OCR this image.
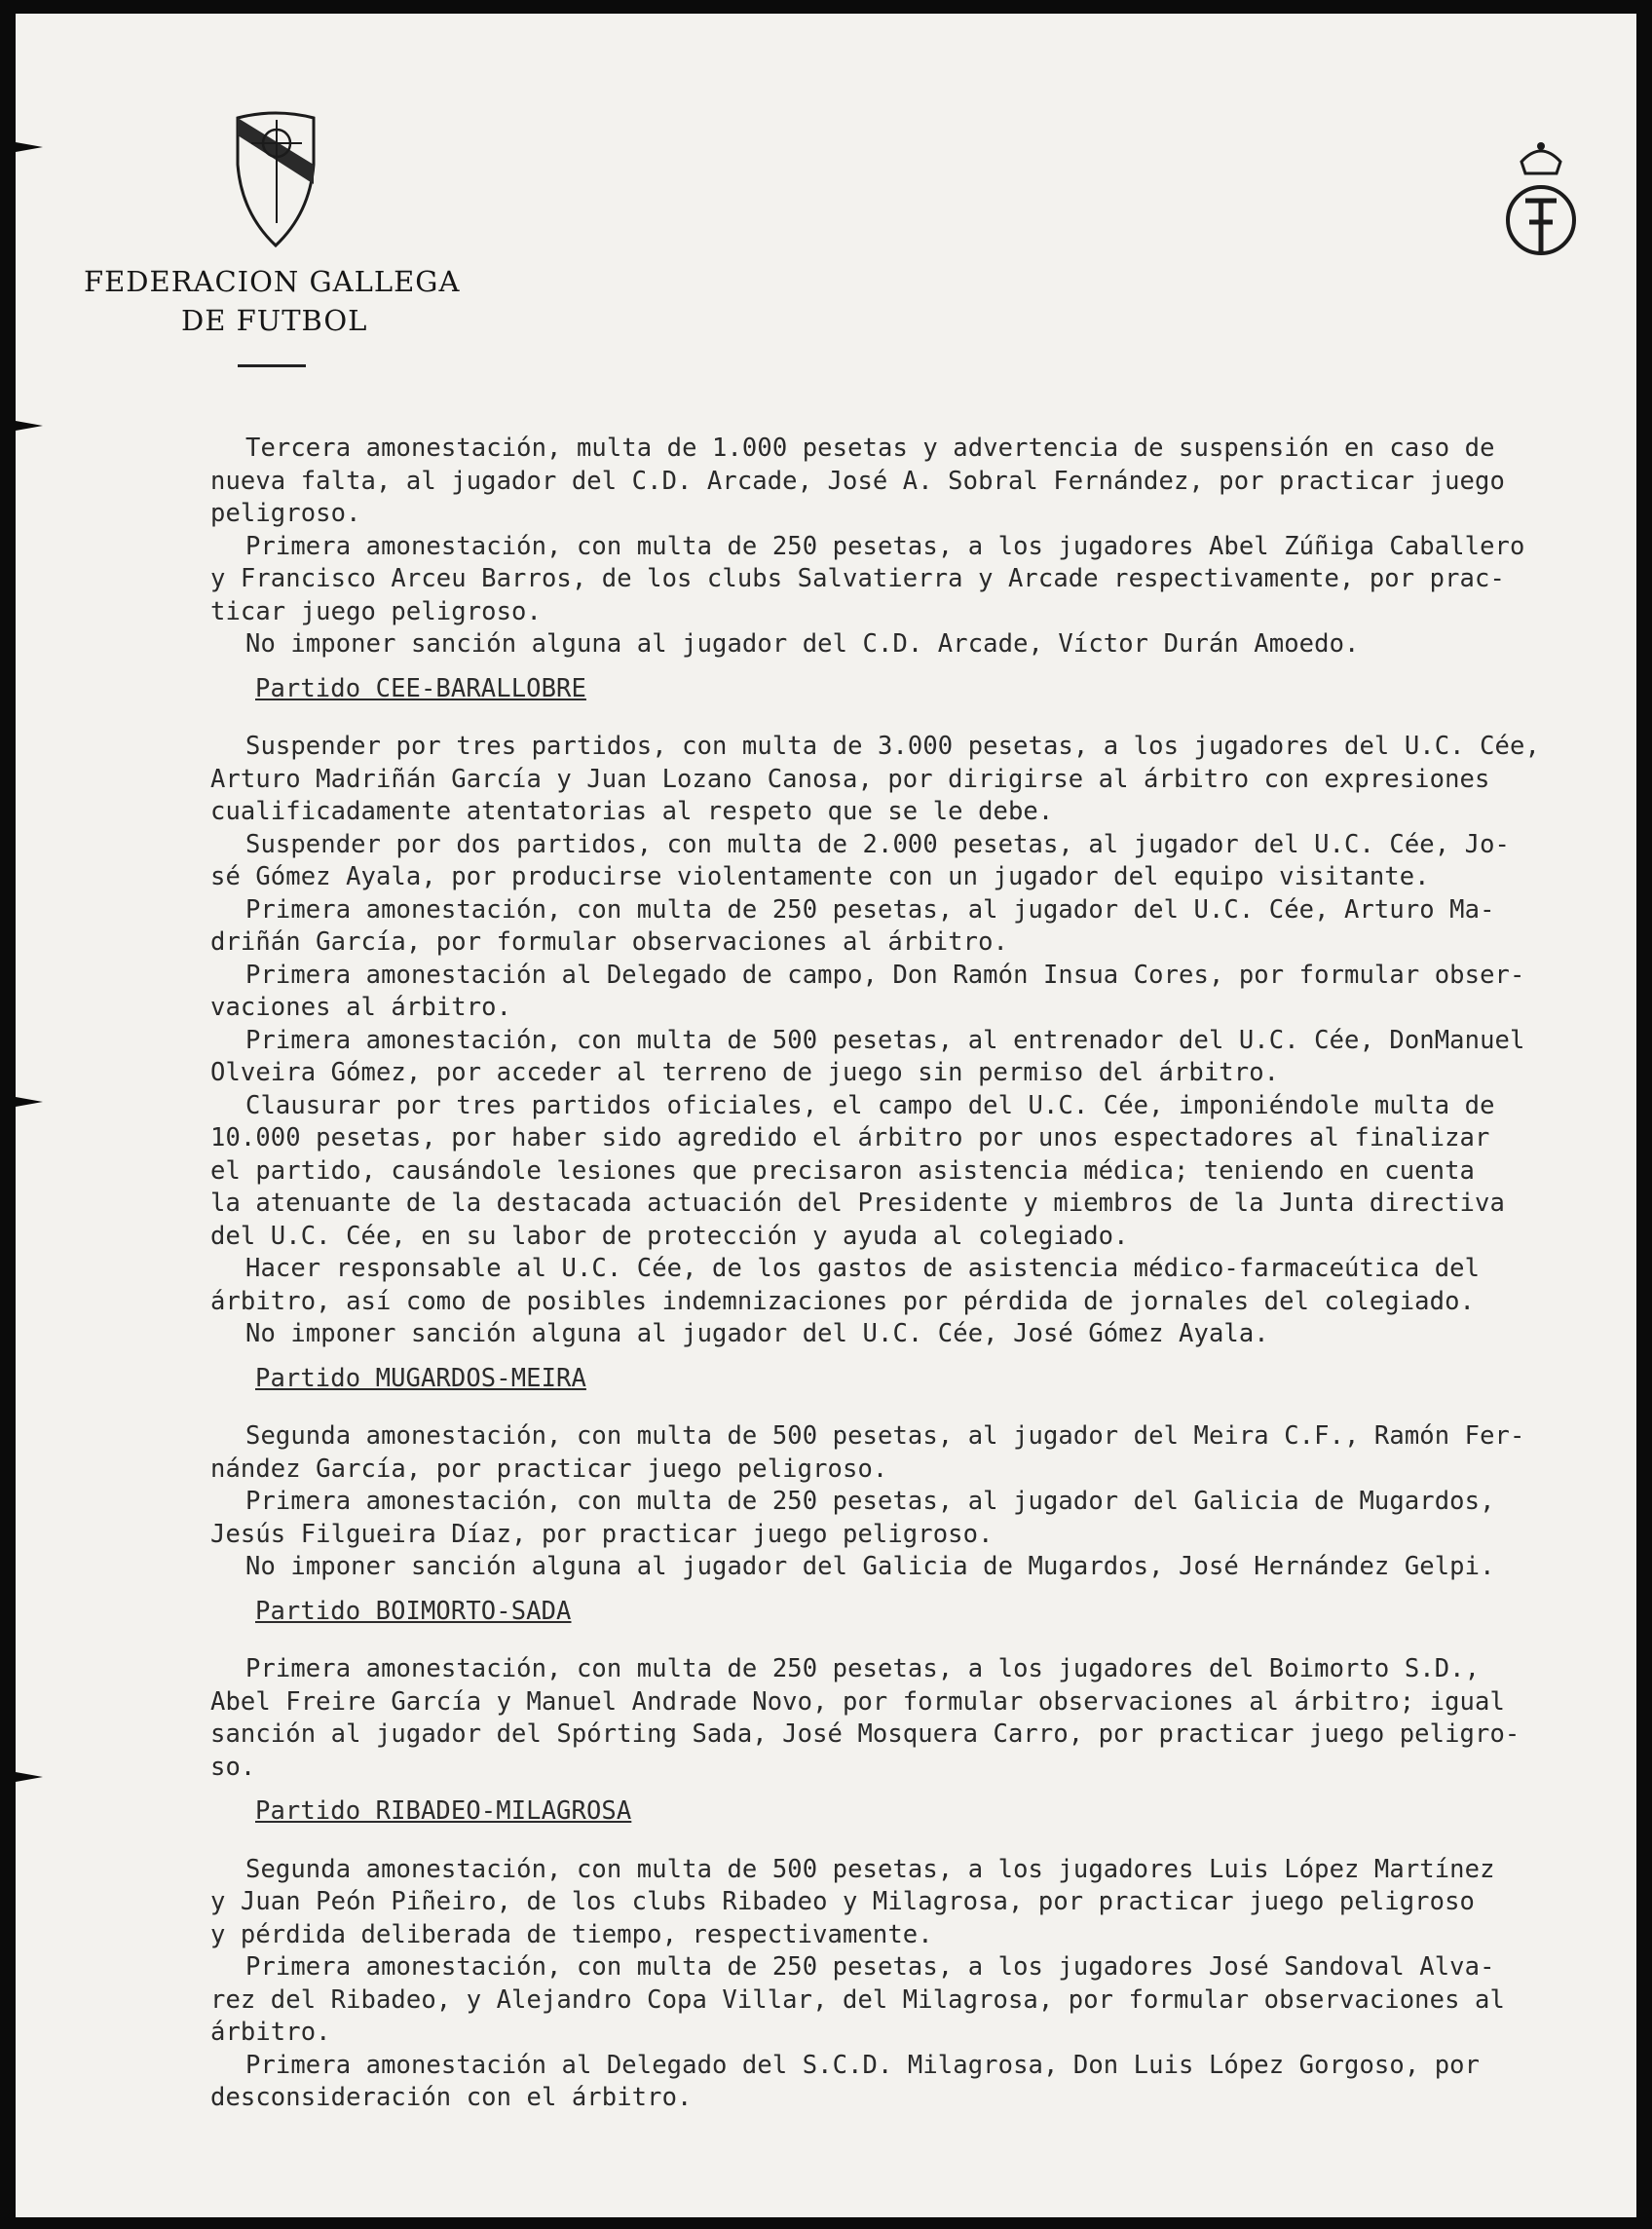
FEDERACION GALLEGA
DE FUTBOL

Tercera amonestación, multa de 1.000 pesetas y advertencia de suspensión en caso de
nueva falta, al jugador del C.D. Arcade, José A. Sobral Fernández, por practicar juego
peligroso.

Primera amonestación, con multa de 250 pesetas, a los jugadores Abel Zúñiga Caballero
y Francisco Arceu Barros, de los clubs Salvatierra y Arcade respectivamente, por prac-
ticar juego peligroso.

No imponer sanción alguna al jugador del C.D. Arcade, Víctor Durán Amoedo.

Partido CEE-BARALLOBRE

Suspender por tres partidos, con multa de 3.000 pesetas, a los jugadores del U.C. Cée,
Arturo Madriñán García y Juan Lozano Canosa, por dirigirse al árbitro con expresiones
cualificadamente atentatorias al respeto que se le debe.

Suspender por dos partidos, con multa de 2.000 pesetas, al jugador del U.C. Cée, Jo-
sé Gómez Ayala, por producirse violentamente con un jugador del equipo visitante.

Primera amonestación, con multa de 250 pesetas, al jugador del U.C. Cée, Arturo Ma-
driñán García, por formular observaciones al árbitro.

Primera amonestación al Delegado de campo, Don Ramón Insua Cores, por formular obser-
vaciones al árbitro.

Primera amonestación, con multa de 500 pesetas, al entrenador del U.C. Cée, DonManuel
Olveira Gómez, por acceder al terreno de juego sin permiso del árbitro.

Clausurar por tres partidos oficiales, el campo del U.C. Cée, imponiéndole multa de
10.000 pesetas, por haber sido agredido el árbitro por unos espectadores al finalizar
el partido, causándole lesiones que precisaron asistencia médica; teniendo en cuenta
la atenuante de la destacada actuación del Presidente y miembros de la Junta directiva
del U.C. Cée, en su labor de protección y ayuda al colegiado.

Hacer responsable al U.C. Cée, de los gastos de asistencia médico-farmaceútica del
árbitro, así como de posibles indemnizaciones por pérdida de jornales del colegiado.

No imponer sanción alguna al jugador del U.C. Cée, José Gómez Ayala.

Partido MUGARDOS-MEIRA

Segunda amonestación, con multa de 500 pesetas, al jugador del Meira C.F., Ramón Fer-
nández García, por practicar juego peligroso.

Primera amonestación, con multa de 250 pesetas, al jugador del Galicia de Mugardos,
Jesús Filgueira Díaz, por practicar juego peligroso.

No imponer sanción alguna al jugador del Galicia de Mugardos, José Hernández Gelpi.

Partido BOIMORTO-SADA

Primera amonestación, con multa de 250 pesetas, a los jugadores del Boimorto S.D.,
Abel Freire García y Manuel Andrade Novo, por formular observaciones al árbitro; igual
sanción al jugador del Spórting Sada, José Mosquera Carro, por practicar juego peligro-
so.

Partido RIBADEO-MILAGROSA

Segunda amonestación, con multa de 500 pesetas, a los jugadores Luis López Martínez
y Juan Peón Piñeiro, de los clubs Ribadeo y Milagrosa, por practicar juego peligroso
y pérdida deliberada de tiempo, respectivamente.

Primera amonestación, con multa de 250 pesetas, a los jugadores José Sandoval Alva-
rez del Ribadeo, y Alejandro Copa Villar, del Milagrosa, por formular observaciones al
árbitro.

Primera amonestación al Delegado del S.C.D. Milagrosa, Don Luis López Gorgoso, por
desconsideración con el árbitro.
